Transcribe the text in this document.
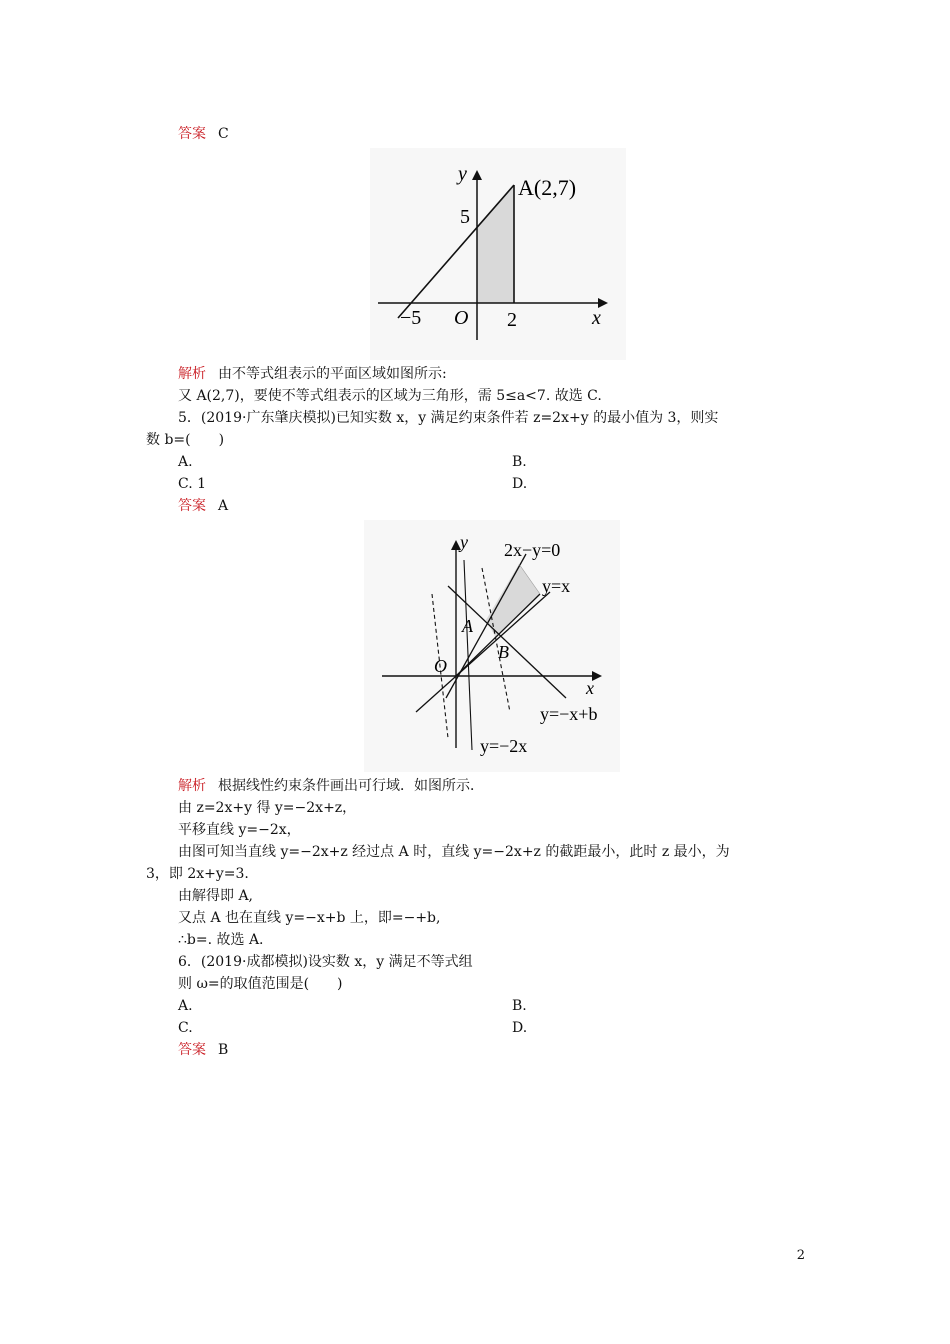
答案 C
A(2,7)
y
5
−5 O 2	x
解析 由不等式组表示的平面区域如图所示:
又 A(2,7)，要使不等式组表示的区域为三角形，需 5≤a<7. 故选 C.
5．(2019·广东肇庆模拟)已知实数 x，y 满足约束条件若 z=2x+y 的最小值为 3，则实
数 b=(　　)
A.	B.
C. 1	D.
答案 A
2x−y=0
y=x
y=−x+b
y=−2x
A
B
O
x
y
解析 根据线性约束条件画出可行域．如图所示．
由 z=2x+y 得 y=−2x+z，
平移直线 y=−2x，
由图可知当直线 y=−2x+z 经过点 A 时，直线 y=−2x+z 的截距最小，此时 z 最小，为
3，即 2x+y=3.
由解得即 A,
又点 A 也在直线 y=−x+b 上，即=−+b,
∴b=. 故选 A.
6．(2019·成都模拟)设实数 x，y 满足不等式组
则 ω=的取值范围是(　　)
A.	B.
C.	D.
答案 B
2
